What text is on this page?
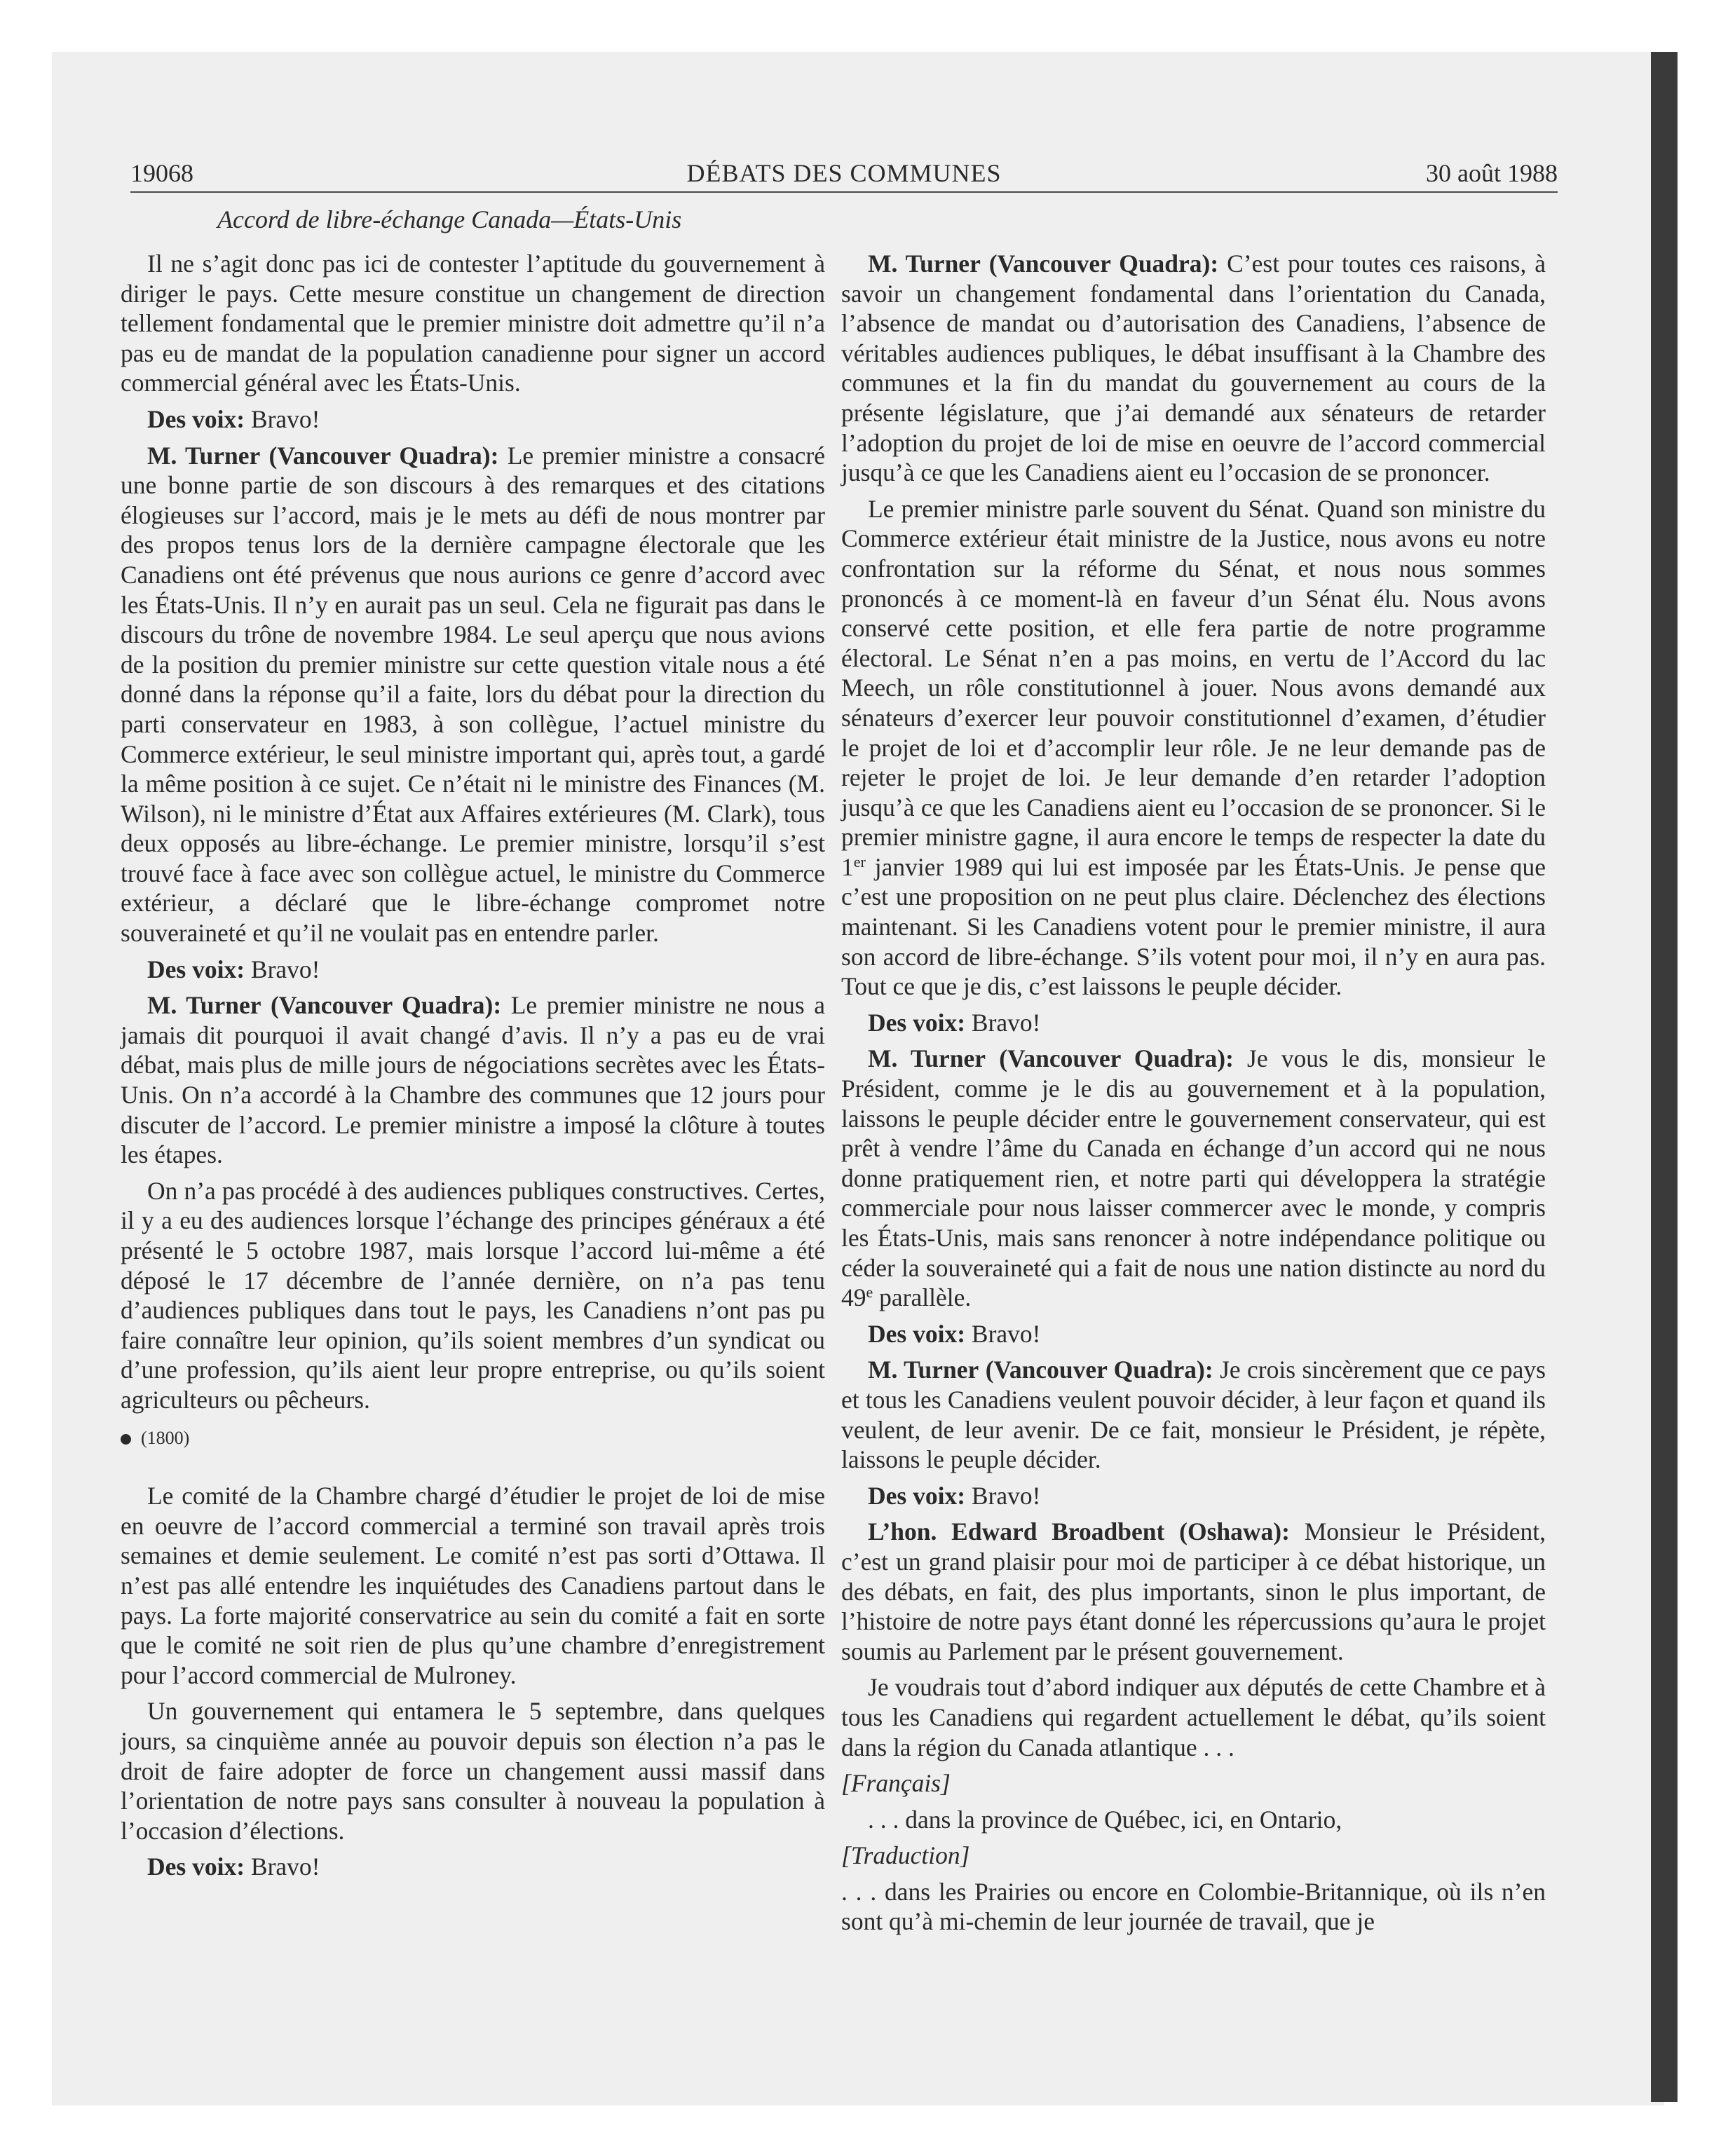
19068	DÉBATS DES COMMUNES	30 août 1988
Accord de libre-échange Canada—États-Unis

Il ne s’agit donc pas ici de contester l’aptitude du gouvernement à diriger le pays. Cette mesure constitue un changement de direction tellement fondamental que le premier ministre doit admettre qu’il n’a pas eu de mandat de la population canadienne pour signer un accord commercial général avec les États-Unis.

Des voix: Bravo!

M. Turner (Vancouver Quadra): Le premier ministre a consacré une bonne partie de son discours à des remarques et des citations élogieuses sur l’accord, mais je le mets au défi de nous montrer par des propos tenus lors de la dernière campagne électorale que les Canadiens ont été prévenus que nous aurions ce genre d’accord avec les États-Unis. Il n’y en aurait pas un seul. Cela ne figurait pas dans le discours du trône de novembre 1984. Le seul aperçu que nous avions de la position du premier ministre sur cette question vitale nous a été donné dans la réponse qu’il a faite, lors du débat pour la direction du parti conservateur en 1983, à son collègue, l’actuel ministre du Commerce extérieur, le seul ministre important qui, après tout, a gardé la même position à ce sujet. Ce n’était ni le ministre des Finances (M. Wilson), ni le ministre d’État aux Affaires extérieures (M. Clark), tous deux opposés au libre-échange. Le premier ministre, lorsqu’il s’est trouvé face à face avec son collègue actuel, le ministre du Commerce extérieur, a déclaré que le libre-échange compromet notre souveraineté et qu’il ne voulait pas en entendre parler.

Des voix: Bravo!

M. Turner (Vancouver Quadra): Le premier ministre ne nous a jamais dit pourquoi il avait changé d’avis. Il n’y a pas eu de vrai débat, mais plus de mille jours de négociations secrètes avec les États-Unis. On n’a accordé à la Chambre des communes que 12 jours pour discuter de l’accord. Le premier ministre a imposé la clôture à toutes les étapes.

On n’a pas procédé à des audiences publiques constructives. Certes, il y a eu des audiences lorsque l’échange des principes généraux a été présenté le 5 octobre 1987, mais lorsque l’accord lui-même a été déposé le 17 décembre de l’année dernière, on n’a pas tenu d’audiences publiques dans tout le pays, les Canadiens n’ont pas pu faire connaître leur opinion, qu’ils soient membres d’un syndicat ou d’une profession, qu’ils aient leur propre entreprise, ou qu’ils soient agriculteurs ou pêcheurs.

(1800)

Le comité de la Chambre chargé d’étudier le projet de loi de mise en oeuvre de l’accord commercial a terminé son travail après trois semaines et demie seulement. Le comité n’est pas sorti d’Ottawa. Il n’est pas allé entendre les inquiétudes des Canadiens partout dans le pays. La forte majorité conservatrice au sein du comité a fait en sorte que le comité ne soit rien de plus qu’une chambre d’enregistrement pour l’accord commercial de Mulroney.

Un gouvernement qui entamera le 5 septembre, dans quelques jours, sa cinquième année au pouvoir depuis son élection n’a pas le droit de faire adopter de force un changement aussi massif dans l’orientation de notre pays sans consulter à nouveau la population à l’occasion d’élections.

Des voix: Bravo!

M. Turner (Vancouver Quadra): C’est pour toutes ces raisons, à savoir un changement fondamental dans l’orientation du Canada, l’absence de mandat ou d’autorisation des Canadiens, l’absence de véritables audiences publiques, le débat insuffisant à la Chambre des communes et la fin du mandat du gouvernement au cours de la présente législature, que j’ai demandé aux sénateurs de retarder l’adoption du projet de loi de mise en oeuvre de l’accord commercial jusqu’à ce que les Canadiens aient eu l’occasion de se prononcer.

Le premier ministre parle souvent du Sénat. Quand son ministre du Commerce extérieur était ministre de la Justice, nous avons eu notre confrontation sur la réforme du Sénat, et nous nous sommes prononcés à ce moment-là en faveur d’un Sénat élu. Nous avons conservé cette position, et elle fera partie de notre programme électoral. Le Sénat n’en a pas moins, en vertu de l’Accord du lac Meech, un rôle constitutionnel à jouer. Nous avons demandé aux sénateurs d’exercer leur pouvoir constitutionnel d’examen, d’étudier le projet de loi et d’accomplir leur rôle. Je ne leur demande pas de rejeter le projet de loi. Je leur demande d’en retarder l’adoption jusqu’à ce que les Canadiens aient eu l’occasion de se prononcer. Si le premier ministre gagne, il aura encore le temps de respecter la date du 1er janvier 1989 qui lui est imposée par les États-Unis. Je pense que c’est une proposition on ne peut plus claire. Déclenchez des élections maintenant. Si les Canadiens votent pour le premier ministre, il aura son accord de libre-échange. S’ils votent pour moi, il n’y en aura pas. Tout ce que je dis, c’est laissons le peuple décider.

Des voix: Bravo!

M. Turner (Vancouver Quadra): Je vous le dis, monsieur le Président, comme je le dis au gouvernement et à la population, laissons le peuple décider entre le gouvernement conservateur, qui est prêt à vendre l’âme du Canada en échange d’un accord qui ne nous donne pratiquement rien, et notre parti qui développera la stratégie commerciale pour nous laisser commercer avec le monde, y compris les États-Unis, mais sans renoncer à notre indépendance politique ou céder la souveraineté qui a fait de nous une nation distincte au nord du 49e parallèle.

Des voix: Bravo!

M. Turner (Vancouver Quadra): Je crois sincèrement que ce pays et tous les Canadiens veulent pouvoir décider, à leur façon et quand ils veulent, de leur avenir. De ce fait, monsieur le Président, je répète, laissons le peuple décider.

Des voix: Bravo!

L’hon. Edward Broadbent (Oshawa): Monsieur le Président, c’est un grand plaisir pour moi de participer à ce débat historique, un des débats, en fait, des plus importants, sinon le plus important, de l’histoire de notre pays étant donné les répercussions qu’aura le projet soumis au Parlement par le présent gouvernement.

Je voudrais tout d’abord indiquer aux députés de cette Chambre et à tous les Canadiens qui regardent actuellement le débat, qu’ils soient dans la région du Canada atlantique . . .

[Français]

. . . dans la province de Québec, ici, en Ontario,

[Traduction]

. . . dans les Prairies ou encore en Colombie-Britannique, où ils n’en sont qu’à mi-chemin de leur journée de travail, que je
